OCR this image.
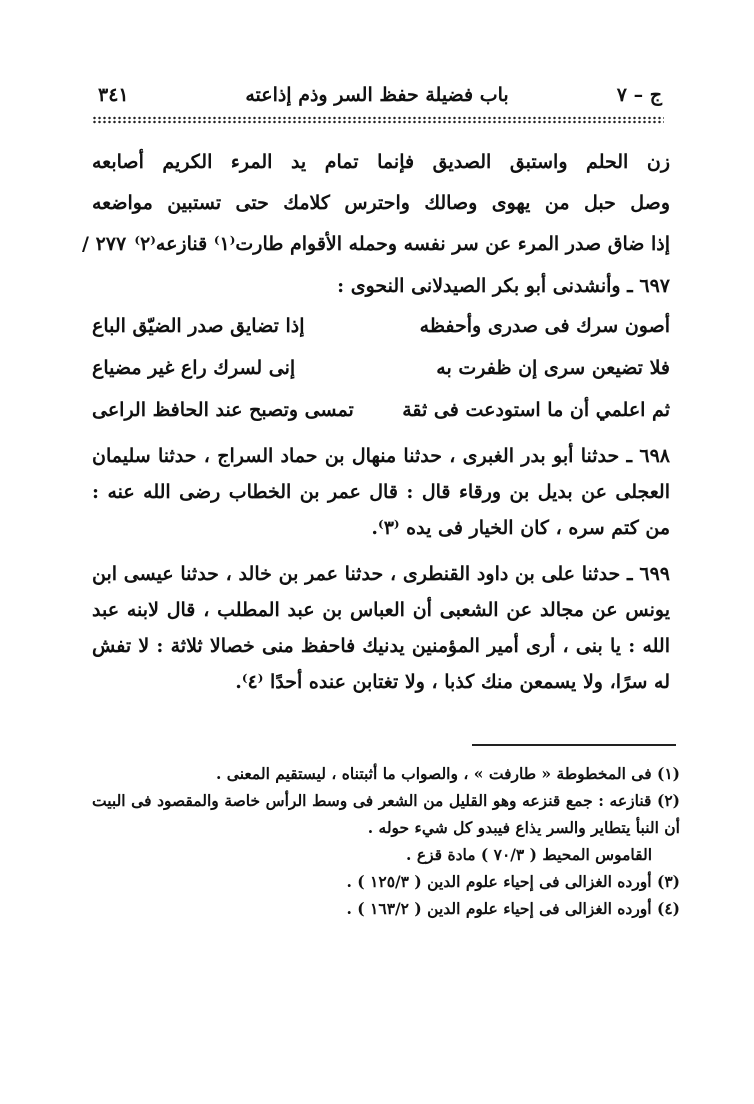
ج – ٧
باب فضيلة حفظ السر وذم إذاعته
٣٤١
زن الحلم واستبق الصديق فإنما تمام يد المرء الكريم أصابعه
وصل حبل من يهوى وصالك واحترس كلامك حتى تستبين مواضعه
إذا ضاق صدر المرء عن سر نفسه وحمله الأقوام طارت⁽١⁾ قنازعه⁽٢⁾
/ ٢٧٧
٦٩٧ ـ وأنشدنى أبو بكر الصيدلانى النحوى :
أصون سرك فى صدرى وأحفظه
إذا تضايق صدر الضيّق الباع
فلا تضيعن سرى إن ظفرت به
إنى لسرك راع غير مضياع
ثم اعلمي أن ما استودعت فى ثقة
تمسى وتصبح عند الحافظ الراعى
٦٩٨ ـ حدثنا أبو بدر الغبرى ، حدثنا منهال بن حماد السراج ، حدثنا سليمان العجلى عن بديل بن ورقاء قال : قال عمر بن الخطاب رضى الله عنه : من كتم سره ، كان الخيار فى يده ⁽٣⁾.
٦٩٩ ـ حدثنا على بن داود القنطرى ، حدثنا عمر بن خالد ، حدثنا عيسى ابن يونس عن مجالد عن الشعبى أن العباس بن عبد المطلب ، قال لابنه عبد الله : يا بنى ، أرى أمير المؤمنين يدنيك فاحفظ منى خصالا ثلاثة : لا تفش له سرًا، ولا يسمعن منك كذبا ، ولا تغتابن عنده أحدًا ⁽٤⁾.
(١) فى المخطوطة « طارفت » ، والصواب ما أثبتناه ، ليستقيم المعنى .
(٢) قنازعه : جمع قنزعه وهو القليل من الشعر فى وسط الرأس خاصة والمقصود فى البيت أن النبأ يتطاير والسر يذاع فيبدو كل شيء حوله .
القاموس المحيط ( ٧٠/٣ ) مادة قزع .
(٣) أورده الغزالى فى إحياء علوم الدين ( ١٢٥/٣ ) .
(٤) أورده الغزالى فى إحياء علوم الدين ( ١٦٣/٢ ) .
